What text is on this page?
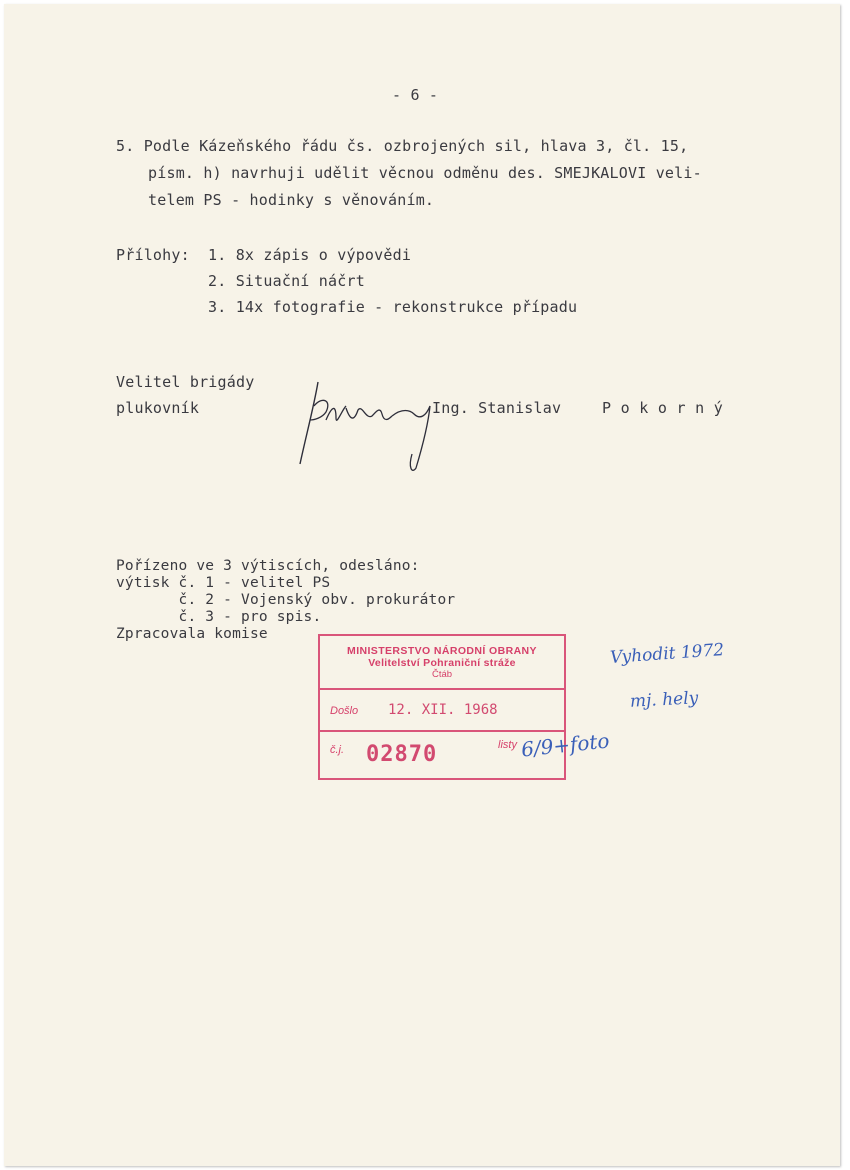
- 6 -
5. Podle Kázeňského řádu čs. ozbrojených sil, hlava 3, čl. 15,
písm. h) navrhuji udělit věcnou odměnu des. SMEJKALOVI veli-
telem PS - hodinky s věnováním.
Přílohy: 1. 8x zápis o výpovědi
2. Situační náčrt
3. 14x fotografie - rekonstrukce případu
Velitel brigády
plukovník	Ing. Stanislav	Pokorný
Pořízeno ve 3 výtiscích, odesláno:
výtisk č. 1 - velitel PS
č. 2 - Vojenský obv. prokurátor
č. 3 - pro spis.
Zpracovala komise
MINISTERSTVO NÁRODNÍ OBRANY
Velitelství Pohraniční stráže
Čtáb
Došlo 12. XII. 1968
č.j. 02870	listy 6/9+foto
Vyhodit 1972
mj. hely
